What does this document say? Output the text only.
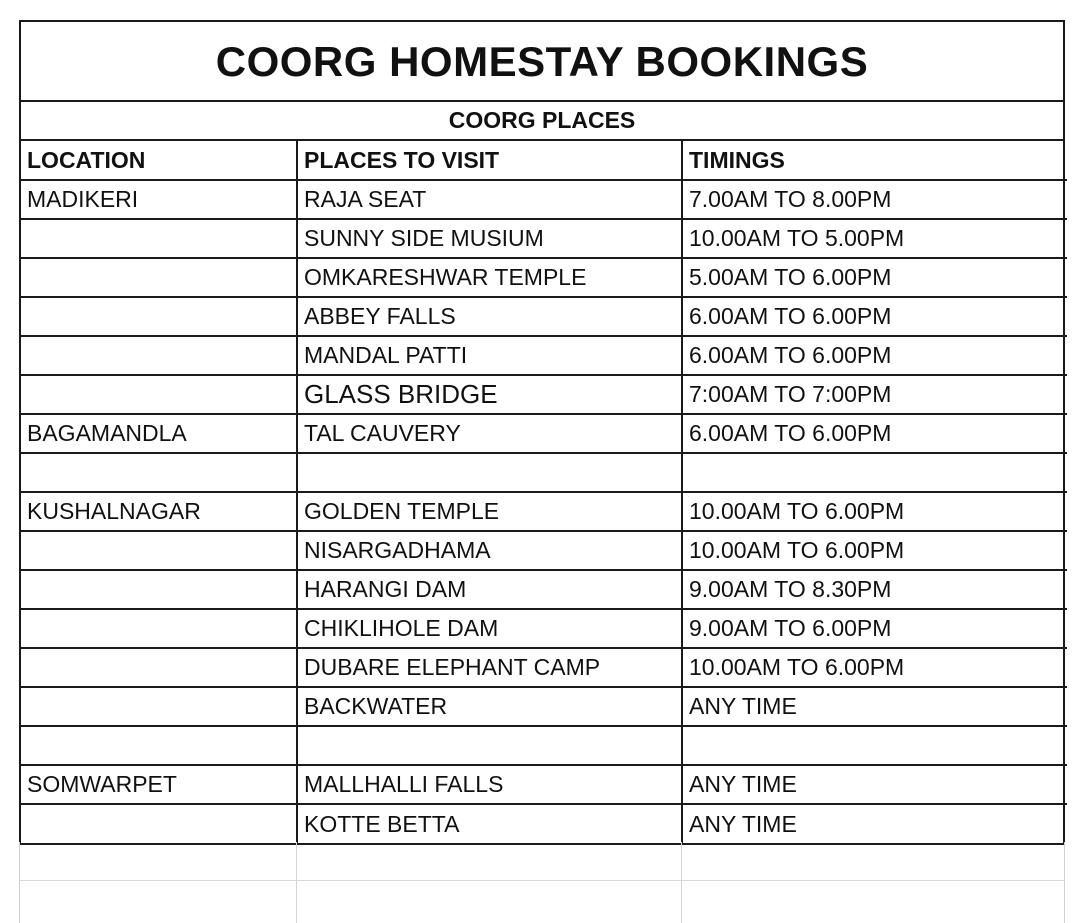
COORG HOMESTAY BOOKINGS
COORG PLACES
LOCATION	PLACES TO VISIT	TIMINGS
MADIKERI	RAJA SEAT	7.00AM TO 8.00PM
	SUNNY SIDE MUSIUM	10.00AM TO 5.00PM
	OMKARESHWAR TEMPLE	5.00AM TO 6.00PM
	ABBEY FALLS	6.00AM TO 6.00PM
	MANDAL PATTI	6.00AM TO 6.00PM
	GLASS BRIDGE	7:00AM TO 7:00PM
BAGAMANDLA	TAL CAUVERY	6.00AM TO 6.00PM

KUSHALNAGAR	GOLDEN TEMPLE	10.00AM TO 6.00PM
	NISARGADHAMA	10.00AM TO 6.00PM
	HARANGI DAM	9.00AM TO 8.30PM
	CHIKLIHOLE DAM	9.00AM TO 6.00PM
	DUBARE ELEPHANT CAMP	10.00AM TO 6.00PM
	BACKWATER	ANY TIME

SOMWARPET	MALLHALLI FALLS	ANY TIME
	KOTTE BETTA	ANY TIME
